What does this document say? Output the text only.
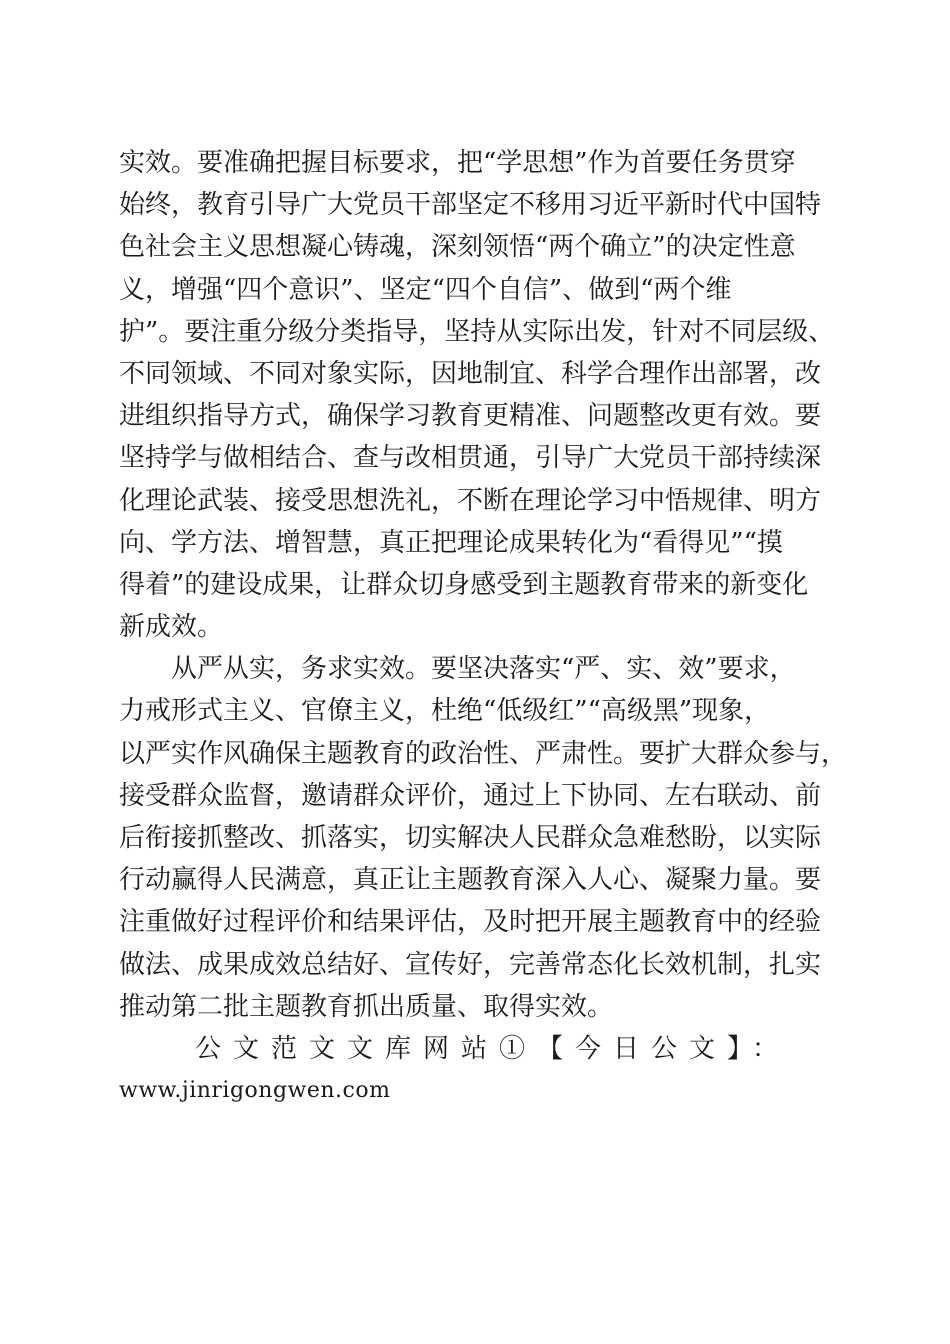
实效。要准确把握目标要求，把“学思想”作为首要任务贯穿
始终，教育引导广大党员干部坚定不移用习近平新时代中国特
色社会主义思想凝心铸魂，深刻领悟“两个确立”的决定性意
义，增强“四个意识”、坚定“四个自信”、做到“两个维
护”。要注重分级分类指导，坚持从实际出发，针对不同层级、
不同领域、不同对象实际，因地制宜、科学合理作出部署，改
进组织指导方式，确保学习教育更精准、问题整改更有效。要
坚持学与做相结合、查与改相贯通，引导广大党员干部持续深
化理论武装、接受思想洗礼，不断在理论学习中悟规律、明方
向、学方法、增智慧，真正把理论成果转化为“看得见”“摸
得着”的建设成果，让群众切身感受到主题教育带来的新变化
新成效。
　　从严从实，务求实效。要坚决落实“严、实、效”要求，
力戒形式主义、官僚主义，杜绝“低级红”“高级黑”现象，
以严实作风确保主题教育的政治性、严肃性。要扩大群众参与，
接受群众监督，邀请群众评价，通过上下协同、左右联动、前
后衔接抓整改、抓落实，切实解决人民群众急难愁盼，以实际
行动赢得人民满意，真正让主题教育深入人心、凝聚力量。要
注重做好过程评价和结果评估，及时把开展主题教育中的经验
做法、成果成效总结好、宣传好，完善常态化长效机制，扎实
推动第二批主题教育抓出质量、取得实效。
　　公文范文文库网站①【今日公文】：
www.jinrigongwen.com
